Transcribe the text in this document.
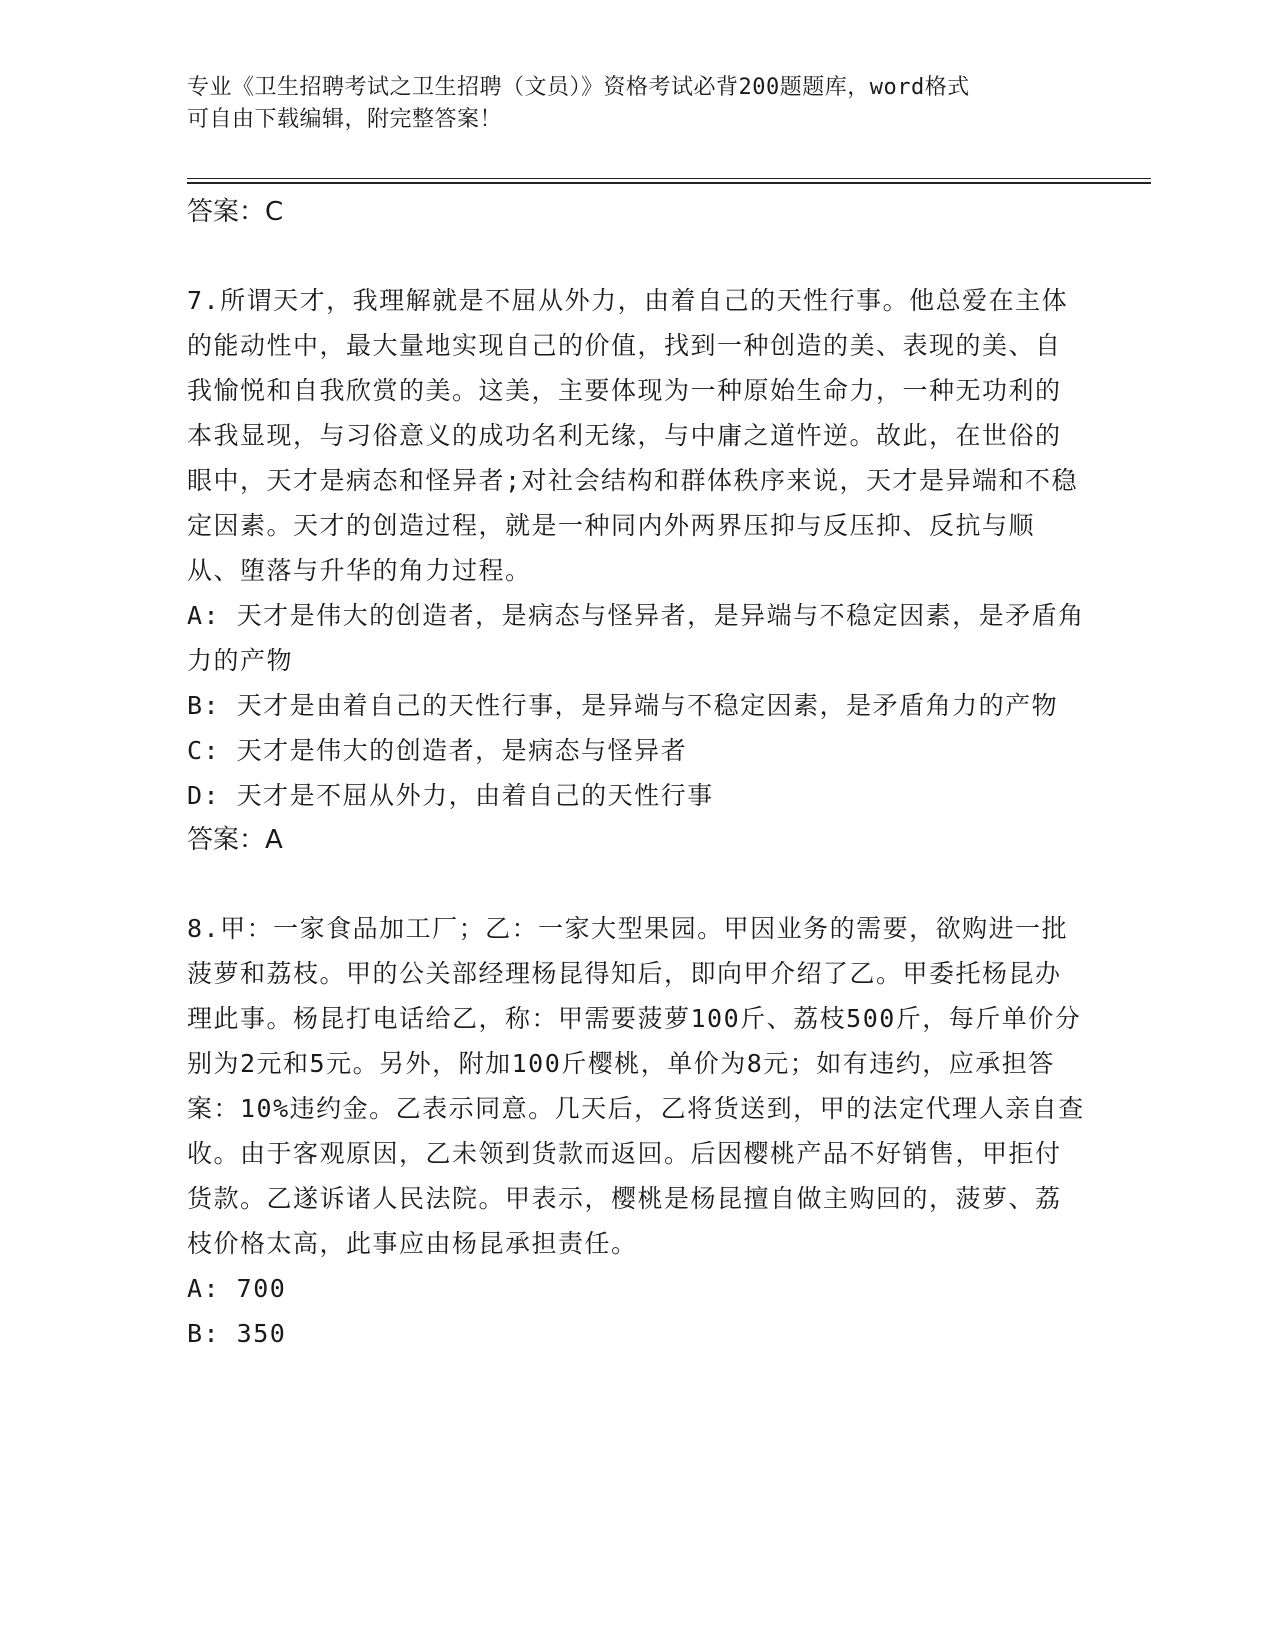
专业《卫生招聘考试之卫生招聘（文员）》资格考试必背200题题库，word格式
可自由下载编辑，附完整答案！

答案：C

7.所谓天才，我理解就是不屈从外力，由着自己的天性行事。他总爱在主体的能动性中，最大量地实现自己的价值，找到一种创造的美、表现的美、自我愉悦和自我欣赏的美。这美，主要体现为一种原始生命力，一种无功利的本我显现，与习俗意义的成功名利无缘，与中庸之道忤逆。故此，在世俗的眼中，天才是病态和怪异者;对社会结构和群体秩序来说，天才是异端和不稳定因素。天才的创造过程，就是一种同内外两界压抑与反压抑、反抗与顺从、堕落与升华的角力过程。

A: 天才是伟大的创造者，是病态与怪异者，是异端与不稳定因素，是矛盾角力的产物

B: 天才是由着自己的天性行事，是异端与不稳定因素，是矛盾角力的产物

C: 天才是伟大的创造者，是病态与怪异者

D: 天才是不屈从外力，由着自己的天性行事

答案：A

8.甲：一家食品加工厂；乙：一家大型果园。甲因业务的需要，欲购进一批菠萝和荔枝。甲的公关部经理杨昆得知后，即向甲介绍了乙。甲委托杨昆办理此事。杨昆打电话给乙，称：甲需要菠萝100斤、荔枝500斤，每斤单价分别为2元和5元。另外，附加100斤樱桃，单价为8元；如有违约，应承担答案：10%违约金。乙表示同意。几天后，乙将货送到，甲的法定代理人亲自查收。由于客观原因，乙未领到货款而返回。后因樱桃产品不好销售，甲拒付货款。乙遂诉诸人民法院。甲表示，樱桃是杨昆擅自做主购回的，菠萝、荔枝价格太高，此事应由杨昆承担责任。

A: 700

B: 350
